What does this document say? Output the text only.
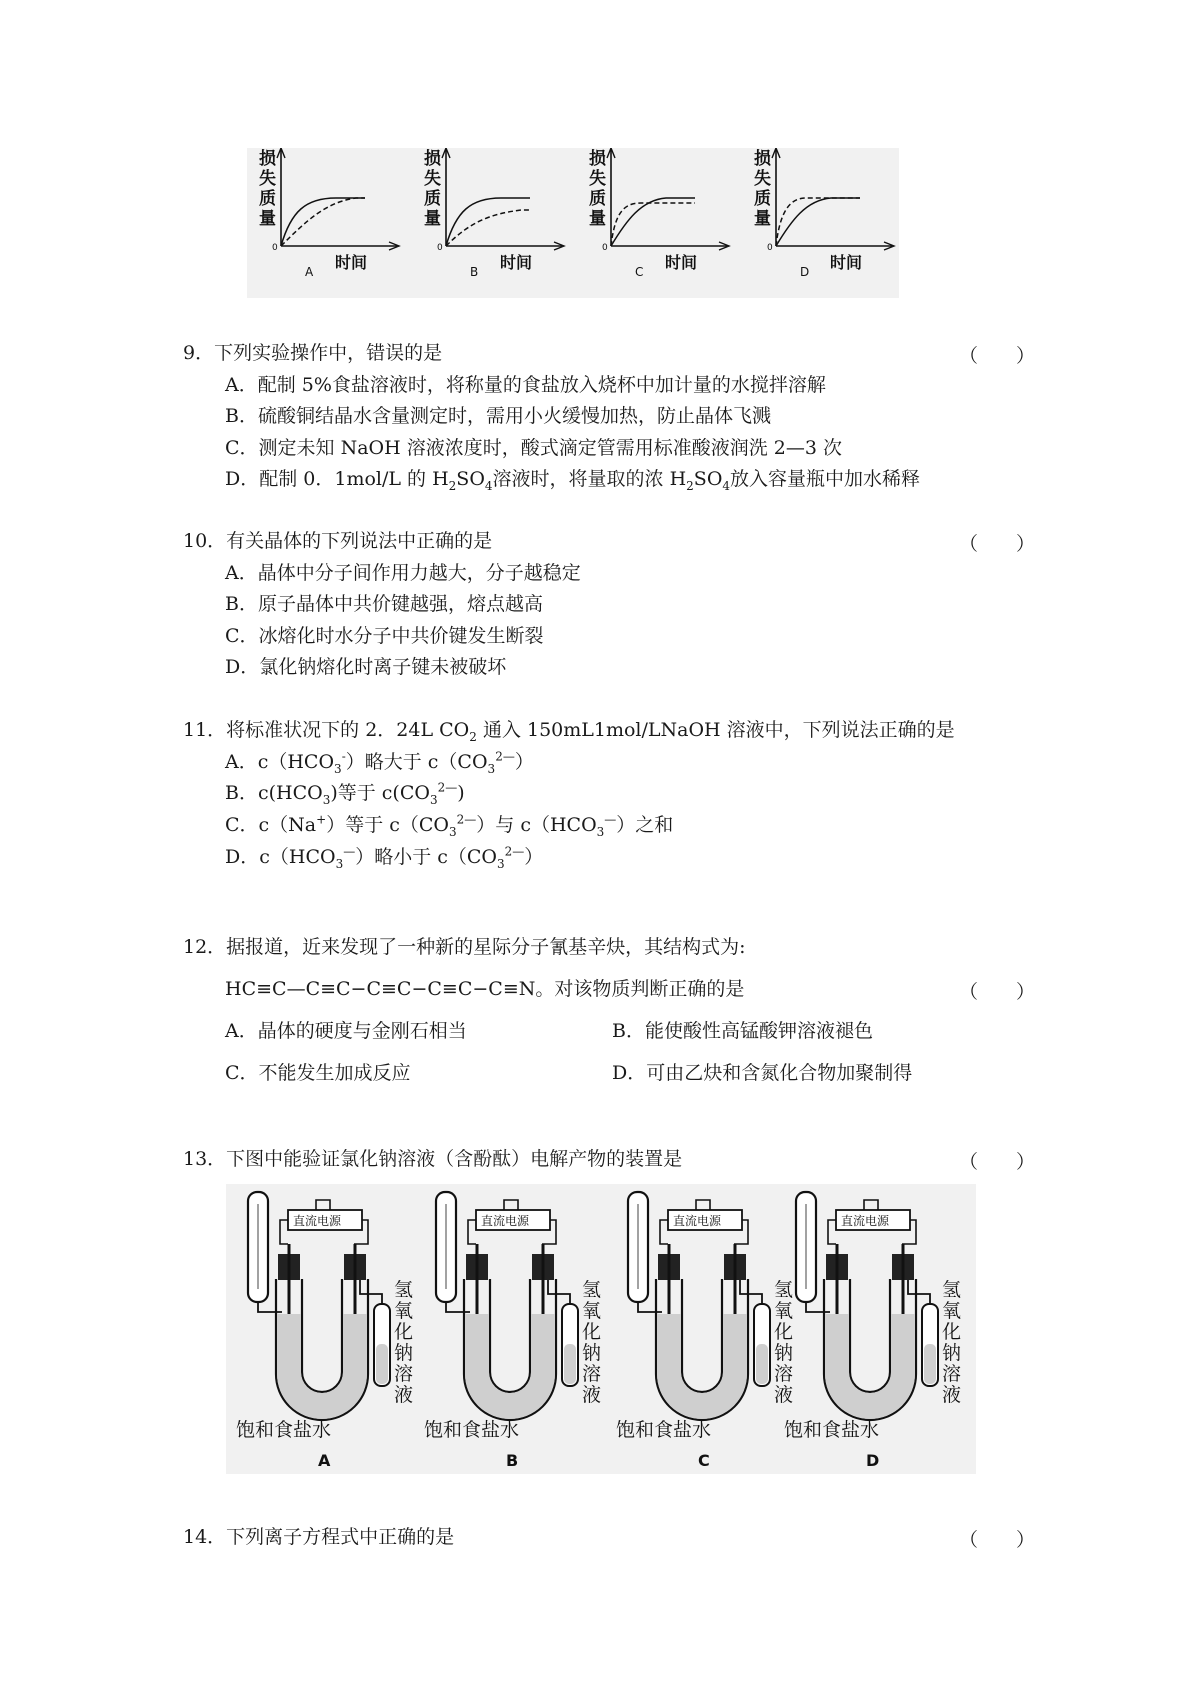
损
失
质
量
0
时间
A
损
失
质
量
0
时间
B
损
失
质
量
0
时间
C
损
失
质
量
0
时间
D
9．下列实验操作中，错误的是	（　　）
A．配制 5%食盐溶液时，将称量的食盐放入烧杯中加计量的水搅拌溶解
B．硫酸铜结晶水含量测定时，需用小火缓慢加热，防止晶体飞溅
C．测定未知 NaOH 溶液浓度时，酸式滴定管需用标准酸液润洗 2—3 次
D．配制 0．1mol/L 的 $H_2SO_4$溶液时，将量取的浓 $H_2SO_4$放入容量瓶中加水稀释
10．有关晶体的下列说法中正确的是	（　　）
A．晶体中分子间作用力越大，分子越稳定
B．原子晶体中共价键越强，熔点越高
C．冰熔化时水分子中共价键发生断裂
D．氯化钠熔化时离子键未被破坏
11．将标准状况下的 2．24L $CO_2$ 通入 150mL1mol/LNaOH 溶液中，下列说法正确的是
A．$c(HCO_3^-)$略大于 $c(CO_3^{2—})$
B．$c(HCO_3)$等于 $c(CO_3^{2—})$
C．c（Na+）等于 $c(CO_3^{2—})$与 $c(HCO_3^—)$之和
D．$c(HCO_3^—)$略小于 $c(CO_3^{2—})$
12．据报道，近来发现了一种新的星际分子氰基辛炔，其结构式为:
HC≡C—C≡C−C≡C−C≡C−C≡N。对该物质判断正确的是	（　　）
A．晶体的硬度与金刚石相当	B．能使酸性高锰酸钾溶液褪色
C．不能发生加成反应	D．可由乙炔和含氮化合物加聚制得
13．下图中能验证氯化钠溶液（含酚酞）电解产物的装置是	（　　）
直流电源
氢
氧
化
钠
溶
液
饱和食盐水
A
直流电源
氢
氧
化
钠
溶
液
饱和食盐水
B
直流电源
氢
氧
化
钠
溶
液
饱和食盐水
C
直流电源
氢
氧
化
钠
溶
液
饱和食盐水
D
14．下列离子方程式中正确的是	（　　）
